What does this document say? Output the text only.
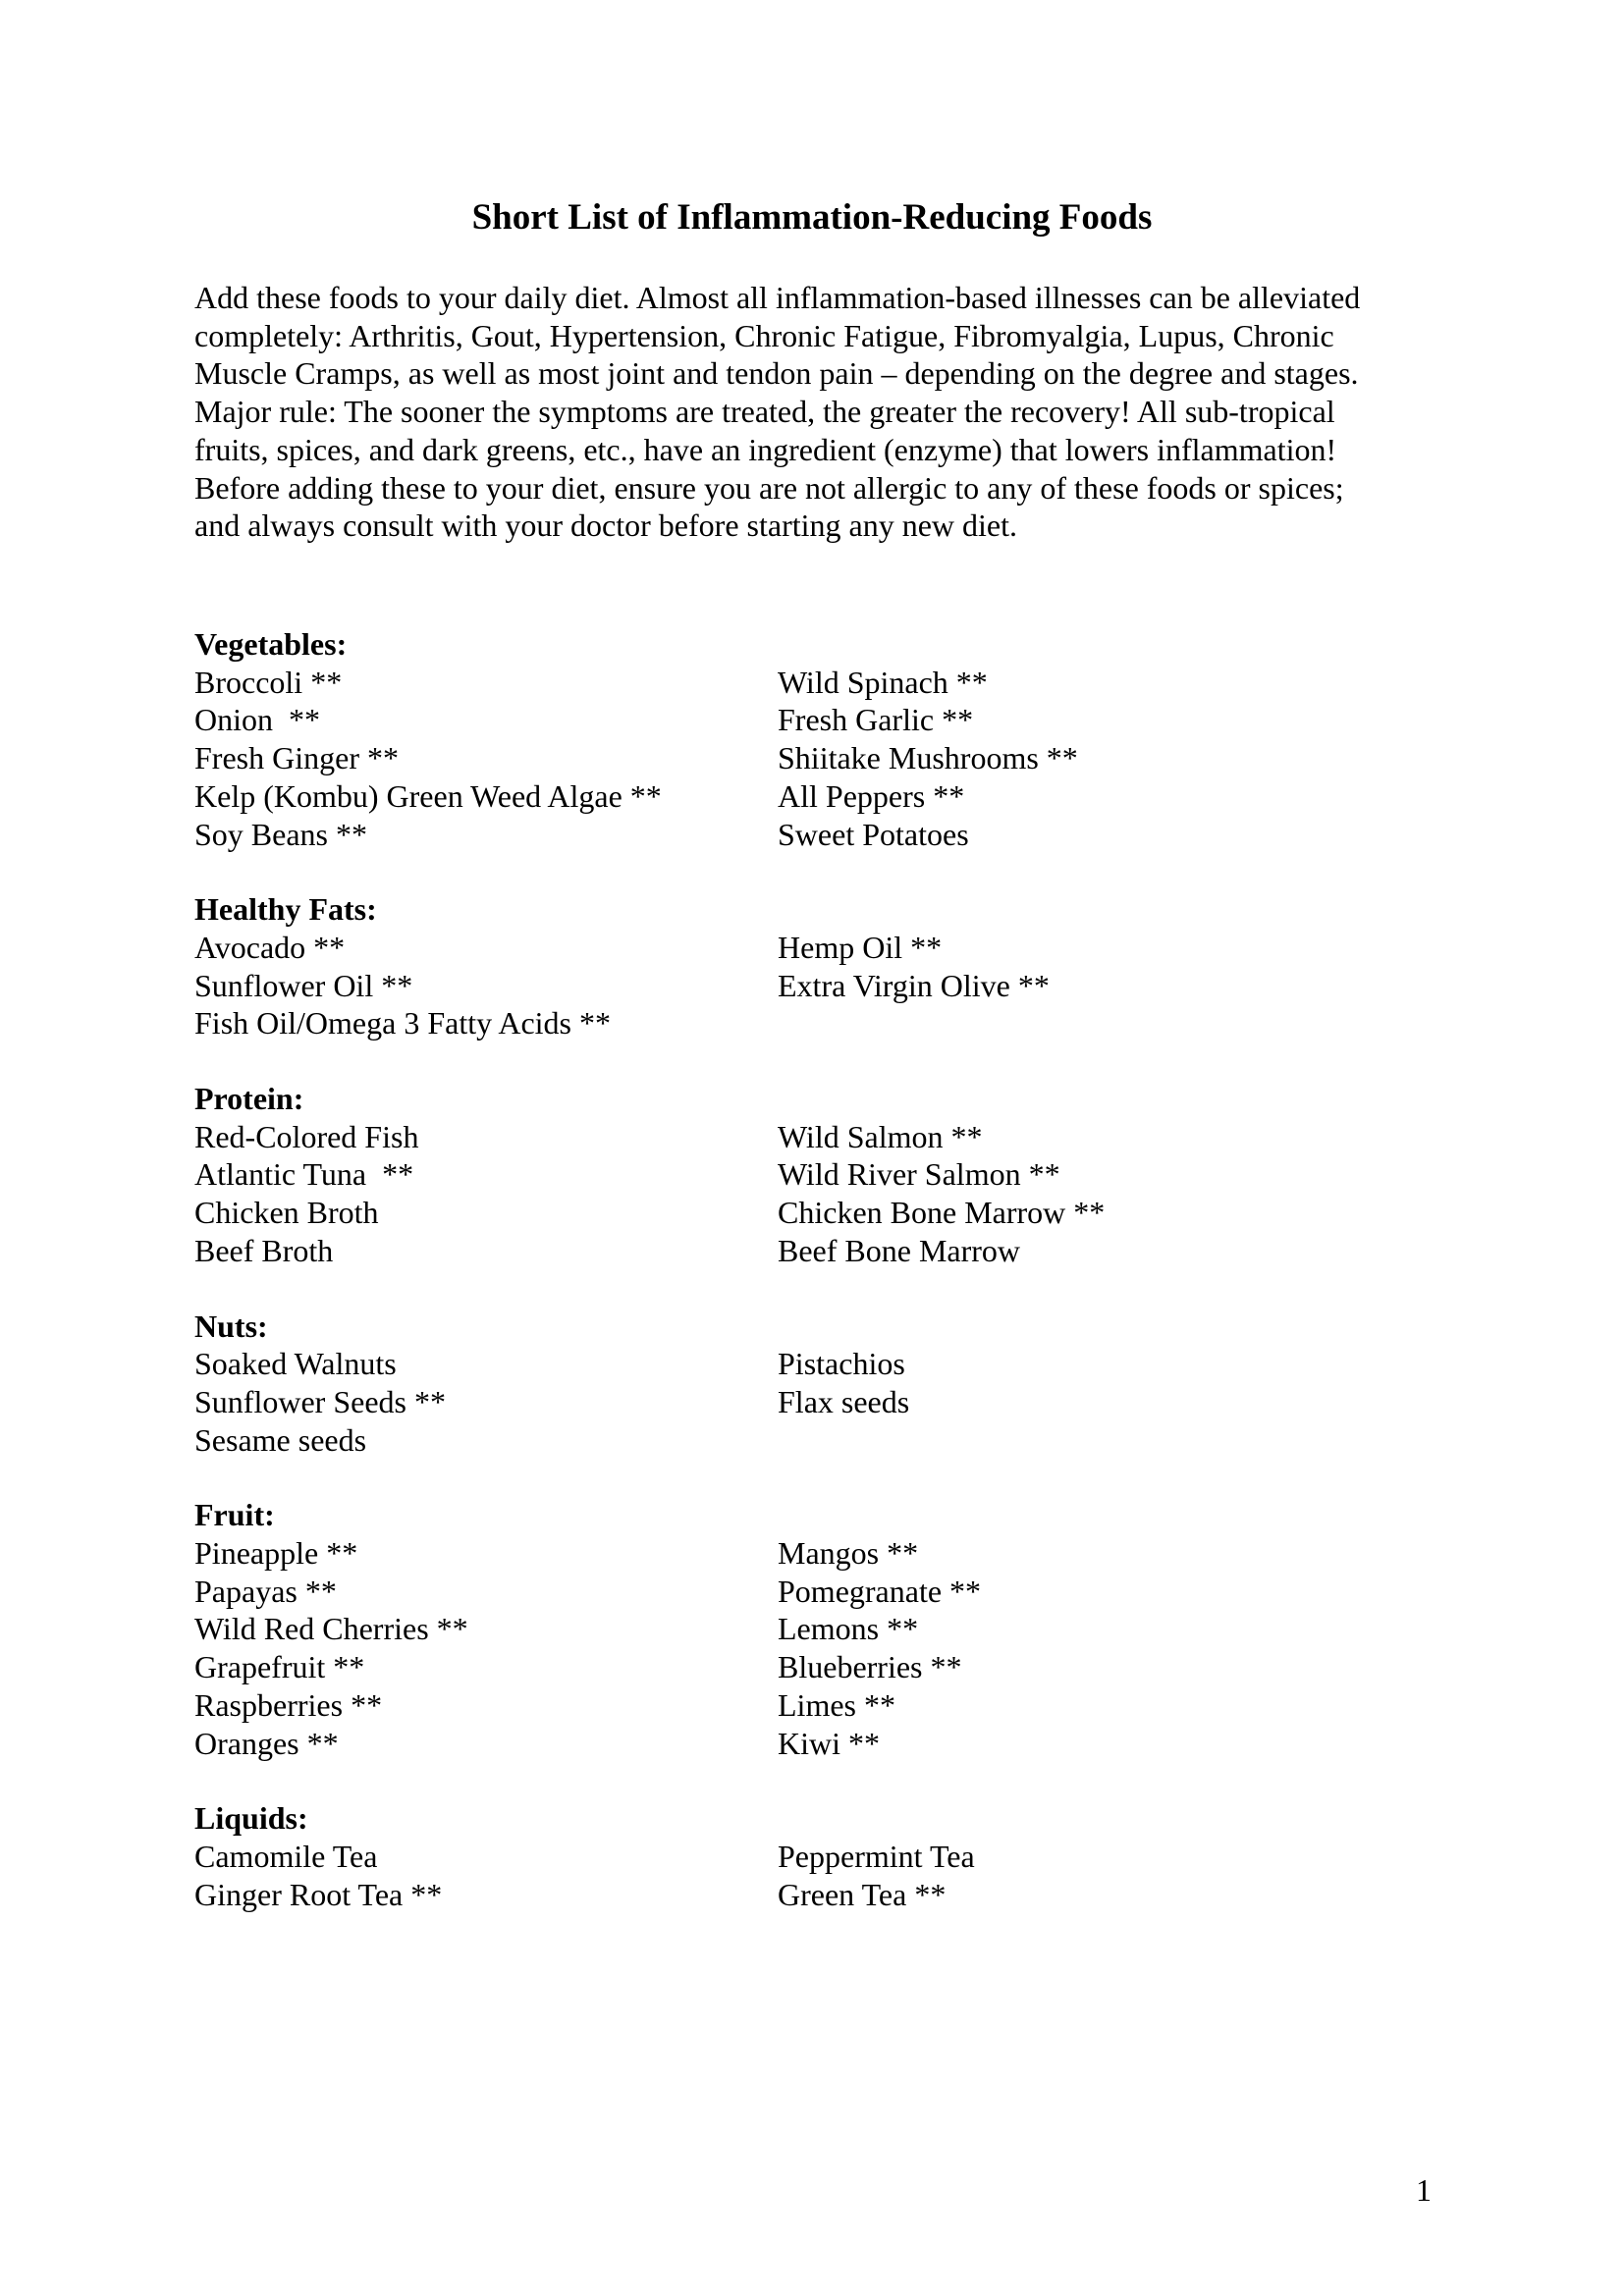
Short List of Inflammation-Reducing Foods

Add these foods to your daily diet. Almost all inflammation-based illnesses can be alleviated
completely: Arthritis, Gout, Hypertension, Chronic Fatigue, Fibromyalgia, Lupus, Chronic
Muscle Cramps, as well as most joint and tendon pain – depending on the degree and stages.
Major rule: The sooner the symptoms are treated, the greater the recovery! All sub-tropical
fruits, spices, and dark greens, etc., have an ingredient (enzyme) that lowers inflammation!
Before adding these to your diet, ensure you are not allergic to any of these foods or spices;
and always consult with your doctor before starting any new diet.

Vegetables:
Broccoli **
Onion  **
Fresh Ginger **
Kelp (Kombu) Green Weed Algae **
Soy Beans **
Wild Spinach **
Fresh Garlic **
Shiitake Mushrooms **
All Peppers **
Sweet Potatoes
Healthy Fats:
Avocado **
Sunflower Oil **
Fish Oil/Omega 3 Fatty Acids **
Hemp Oil **
Extra Virgin Olive **
Protein:
Red-Colored Fish
Atlantic Tuna  **
Chicken Broth
Beef Broth
Wild Salmon **
Wild River Salmon **
Chicken Bone Marrow **
Beef Bone Marrow
Nuts:
Soaked Walnuts
Sunflower Seeds **
Sesame seeds
Pistachios
Flax seeds
Fruit:
Pineapple **
Papayas **
Wild Red Cherries **
Grapefruit **
Raspberries **
Oranges **
Mangos **
Pomegranate **
Lemons **
Blueberries **
Limes **
Kiwi **
Liquids:
Camomile Tea
Ginger Root Tea **
Peppermint Tea
Green Tea **
1
